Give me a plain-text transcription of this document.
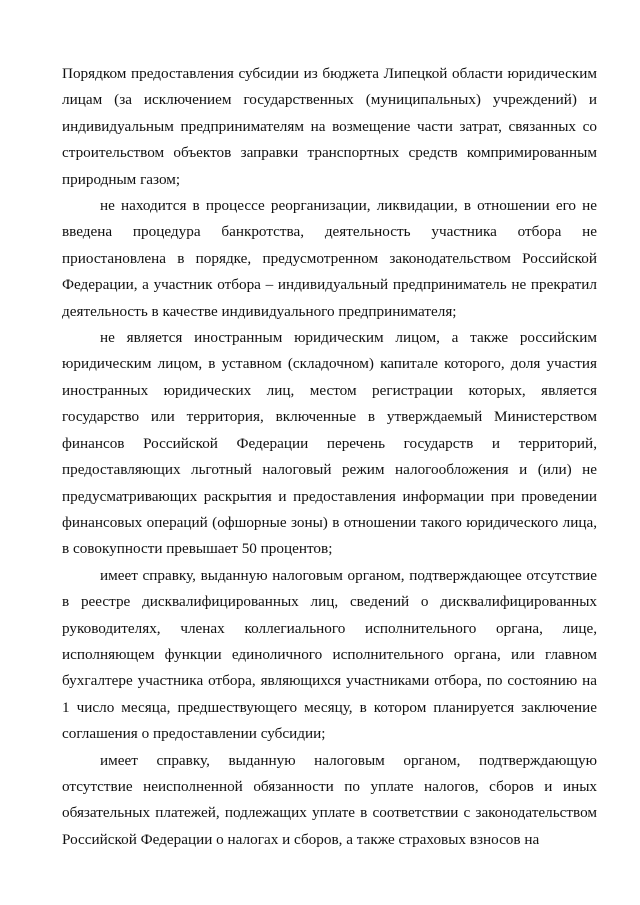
Порядком предоставления субсидии из бюджета Липецкой области юридическим лицам (за исключением государственных (муниципальных) учреждений) и индивидуальным предпринимателям на возмещение части затрат, связанных со строительством объектов заправки транспортных средств компримированным природным газом;

не находится в процессе реорганизации, ликвидации, в отношении его не введена процедура банкротства, деятельность участника отбора не приостановлена в порядке, предусмотренном законодательством Российской Федерации, а участник отбора – индивидуальный предприниматель не прекратил деятельность в качестве индивидуального предпринимателя;

не является иностранным юридическим лицом, а также российским юридическим лицом, в уставном (складочном) капитале которого, доля участия иностранных юридических лиц, местом регистрации которых, является государство или территория, включенные в утверждаемый Министерством финансов Российской Федерации перечень государств и территорий, предоставляющих льготный налоговый режим налогообложения и (или) не предусматривающих раскрытия и предоставления информации при проведении финансовых операций (офшорные зоны) в отношении такого юридического лица, в совокупности превышает 50 процентов;

имеет справку, выданную налоговым органом, подтверждающее отсутствие в реестре дисквалифицированных лиц, сведений о дисквалифицированных руководителях, членах коллегиального исполнительного органа, лице, исполняющем функции единоличного исполнительного органа, или главном бухгалтере участника отбора, являющихся участниками отбора, по состоянию на 1 число месяца, предшествующего месяцу, в котором планируется заключение соглашения о предоставлении субсидии;

имеет справку, выданную налоговым органом, подтверждающую отсутствие неисполненной обязанности по уплате налогов, сборов и иных обязательных платежей, подлежащих уплате в соответствии с законодательством Российской Федерации о налогах и сборов, а также страховых взносов на
